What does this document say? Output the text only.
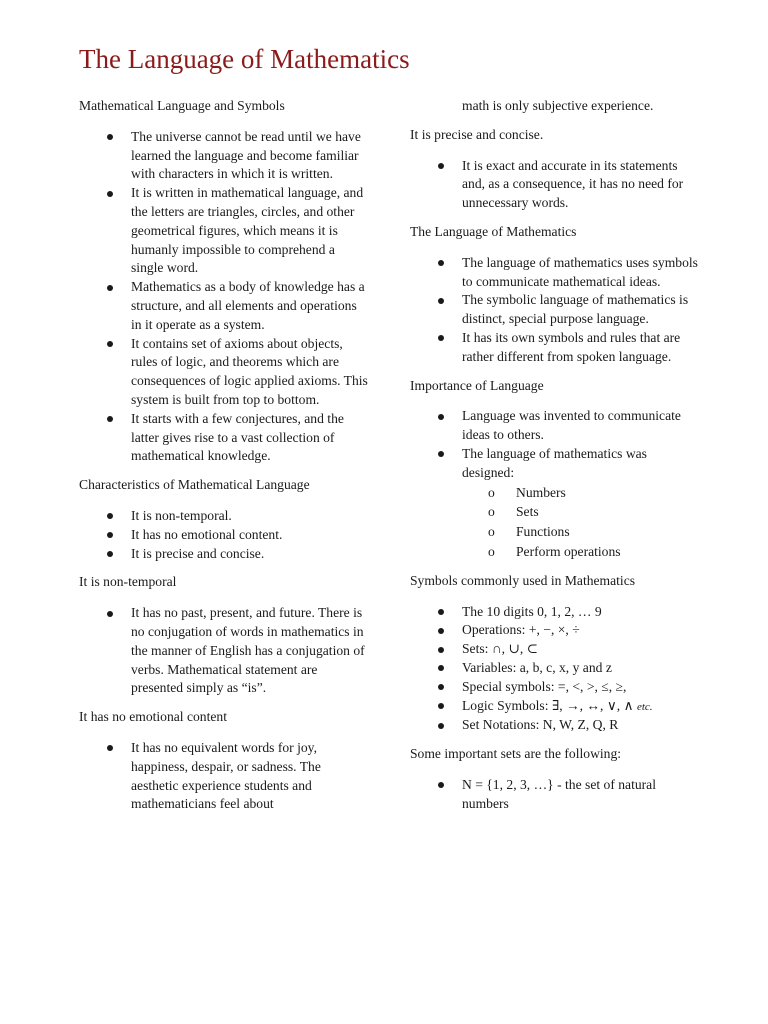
The Language of Mathematics
Mathematical Language and Symbols
The universe cannot be read until we have learned the language and become familiar with characters in which it is written.
It is written in mathematical language, and the letters are triangles, circles, and other geometrical figures, which means it is humanly impossible to comprehend a single word.
Mathematics as a body of knowledge has a structure, and all elements and operations in it operate as a system.
It contains set of axioms about objects, rules of logic, and theorems which are consequences of logic applied axioms. This system is built from top to bottom.
It starts with a few conjectures, and the latter gives rise to a vast collection of mathematical knowledge.
Characteristics of Mathematical Language
It is non-temporal.
It has no emotional content.
It is precise and concise.
It is non-temporal
It has no past, present, and future. There is no conjugation of words in mathematics in the manner of English has a conjugation of verbs. Mathematical statement are presented simply as “is”.
It has no emotional content
It has no equivalent words for joy, happiness, despair, or sadness. The aesthetic experience students and mathematicians feel about
math is only subjective experience.
It is precise and concise.
It is exact and accurate in its statements and, as a consequence, it has no need for unnecessary words.
The Language of Mathematics
The language of mathematics uses symbols to communicate mathematical ideas.
The symbolic language of mathematics is distinct, special purpose language.
It has its own symbols and rules that are rather different from spoken language.
Importance of Language
Language was invented to communicate ideas to others.
The language of mathematics was designed:
o Numbers
o Sets
o Functions
o Perform operations
Symbols commonly used in Mathematics
The 10 digits 0, 1, 2, … 9
Operations: +, −, ×, ÷
Sets: ∩, ∪, ⊂
Variables: a, b, c, x, y and z
Special symbols: =, <, >, ≤, ≥,
Logic Symbols: ∃, →, ↔, ∨, ∧ etc.
Set Notations: N, W, Z, Q, R
Some important sets are the following:
N = {1, 2, 3, …} - the set of natural numbers
